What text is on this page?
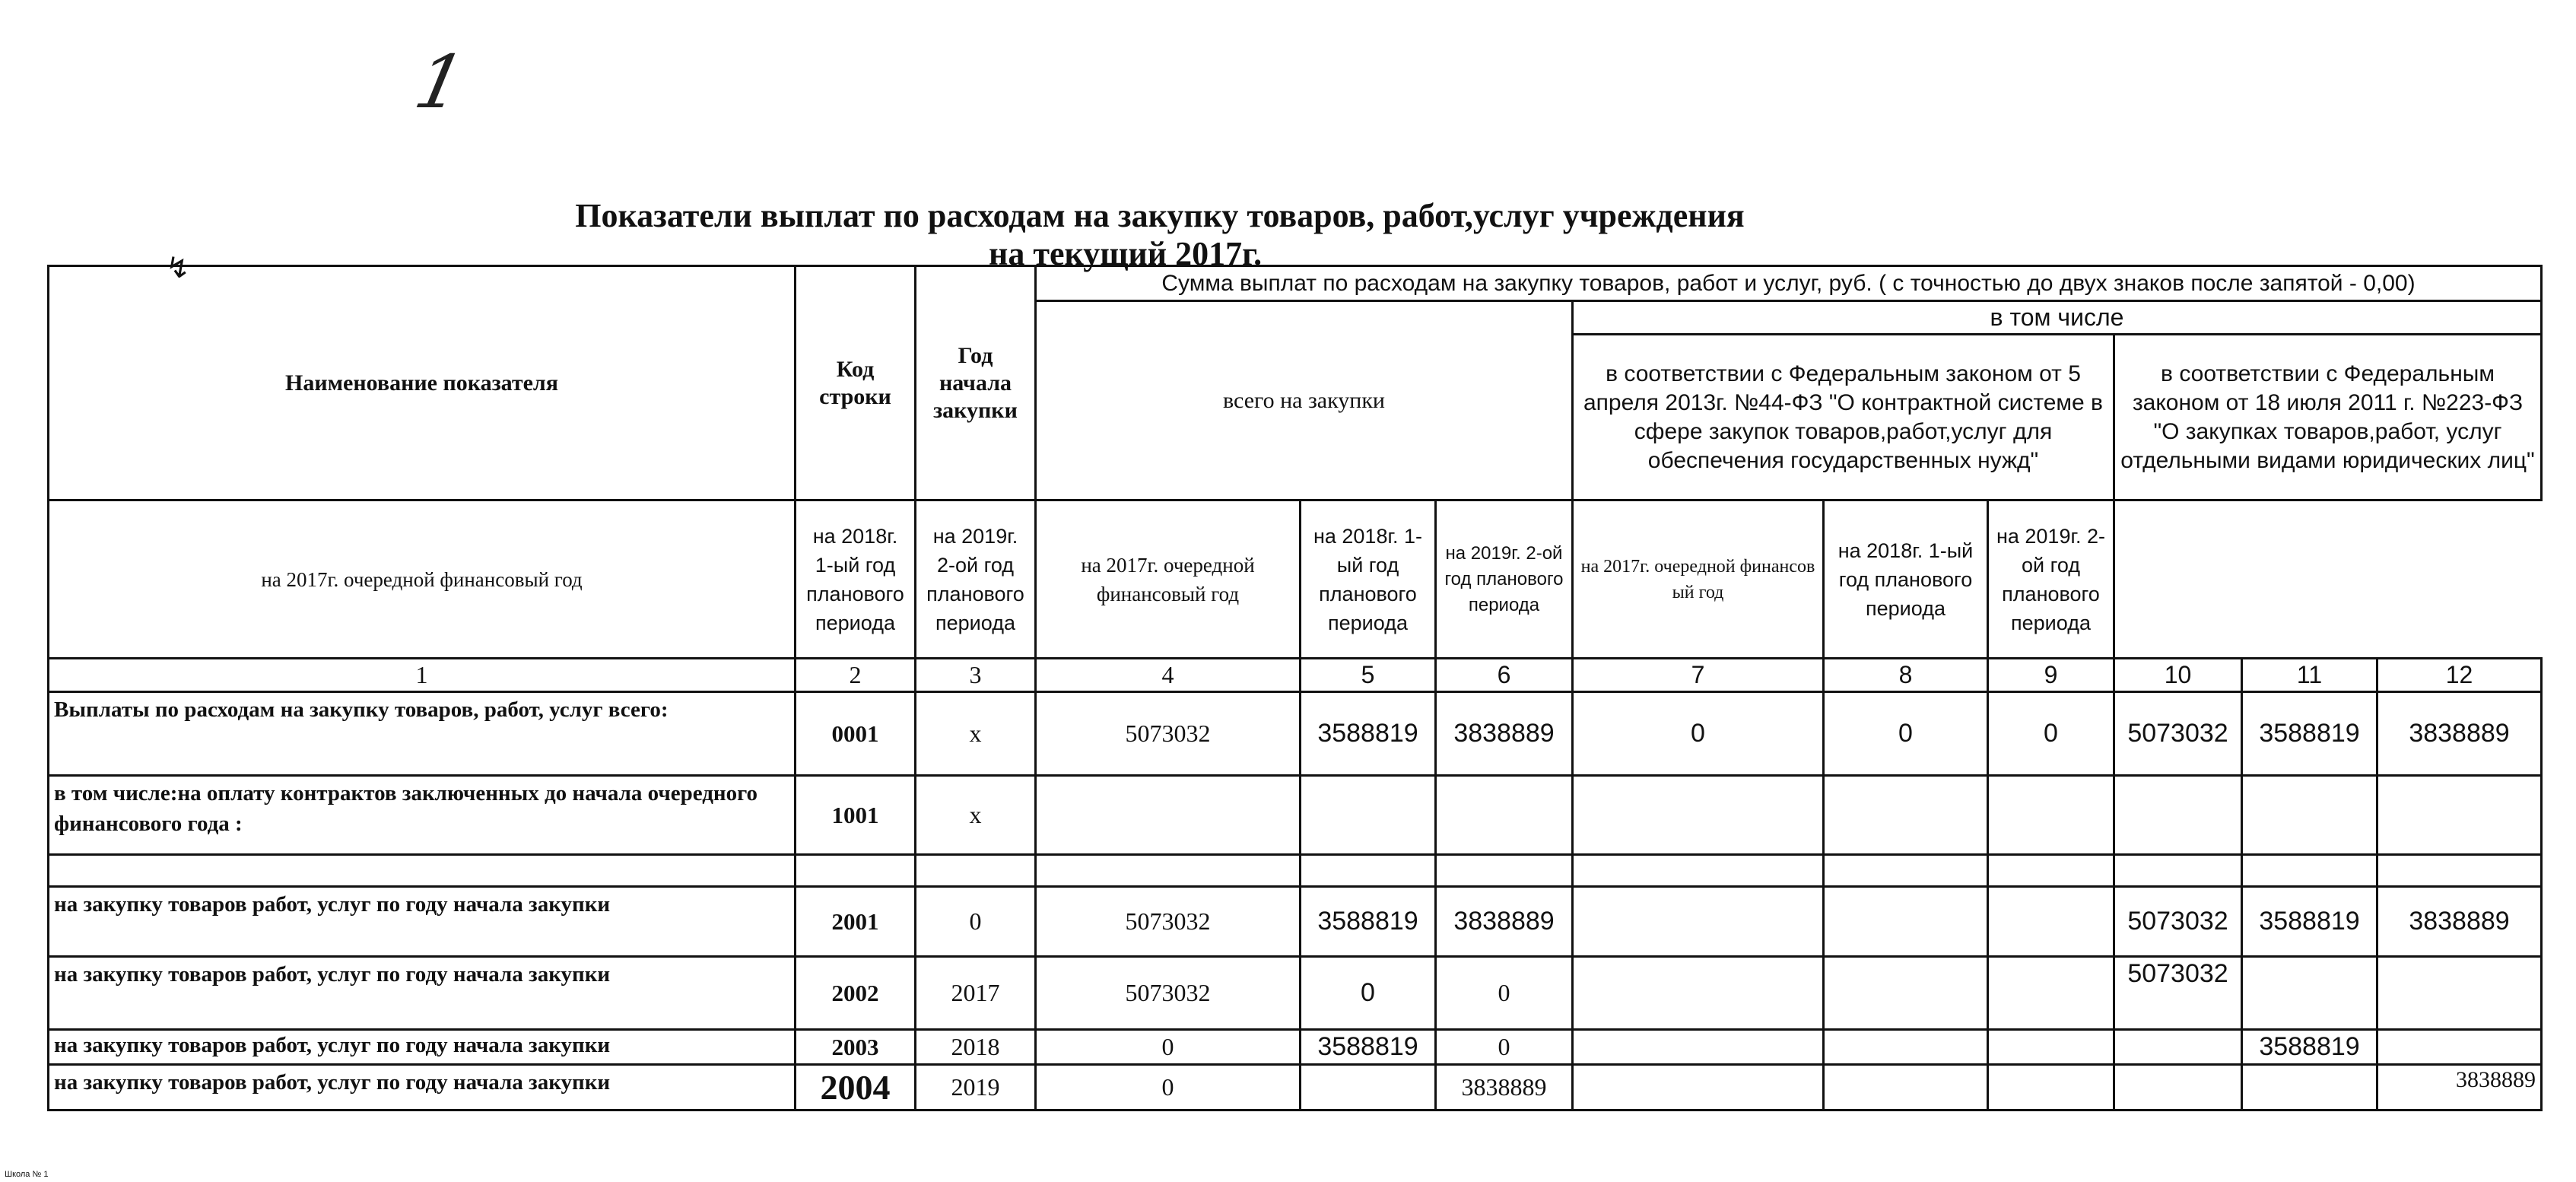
1
Показатели выплат по расходам на закупку товаров, работ,услуг учреждения
на текущий 2017г.
↯
Наименование показателя	Код строки	Год начала закупки	Сумма выплат по расходам на закупку товаров, работ и услуг, руб. ( с точностью до двух знаков после запятой - 0,00)								
			всего на закупки			в том числе					
						в соответствии с Федеральным законом от 5 апреля 2013г. №44-ФЗ "О контрактной системе в сфере закупок товаров,работ,услуг для обеспечения государственных нужд"			в соответствии с Федеральным законом от 18 июля 2011 г. №223-ФЗ "О закупках товаров,работ, услуг отдельными видами юридических лиц"		
на 2017г. очередной финансовый год	на 2018г. 1-ый год планового периода	на 2019г. 2-ой год планового периода	на 2017г. очередной финансовый год	на 2018г. 1-ый год планового периода	на 2019г. 2-ой год планового периода	на 2017г. очередной финансов ый год	на 2018г. 1-ый год планового периода	на 2019г. 2-ой год планового периода			
1	2	3	4	5	6	7	8	9	10	11	12
Выплаты по расходам на закупку товаров, работ, услуг всего:	0001	х	5073032	3588819	3838889	0	0	0	5073032	3588819	3838889
в том числе:на оплату контрактов заключенных до начала очередного финансового года :	1001	х									

на закупку товаров работ, услуг по году начала закупки	2001	0	5073032	3588819	3838889				5073032	3588819	3838889
на закупку товаров работ, услуг по году начала закупки	2002	2017	5073032	0	0				5073032		
на закупку товаров работ, услуг по году начала закупки	2003	2018	0	3588819	0					3588819	
на закупку товаров работ, услуг по году начала закупки	2004	2019	0		3838889						3838889
Школа № 1
